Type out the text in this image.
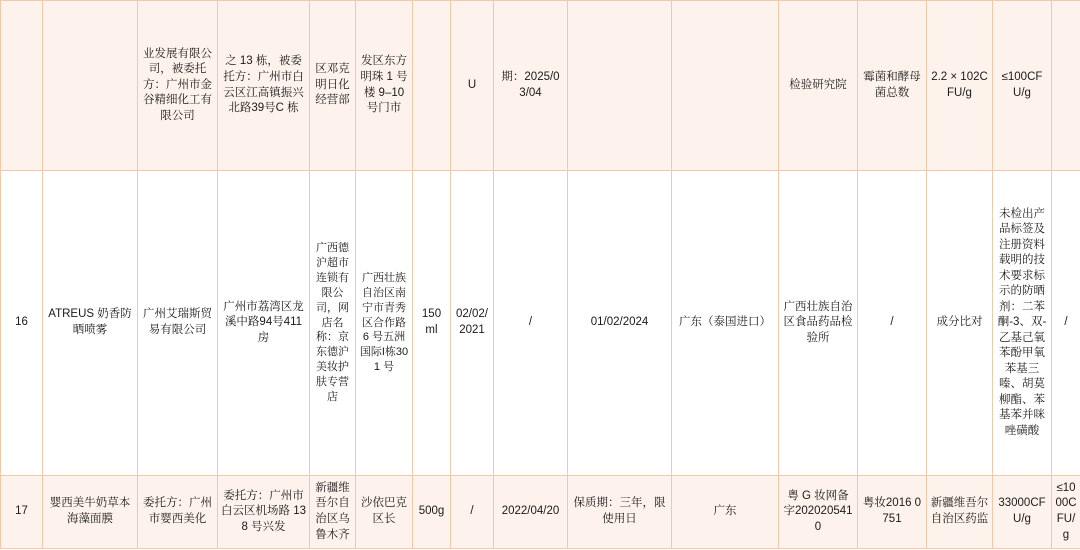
		业发展有限公司，被委托方：广州市金谷精细化工有限公司	之 13 栋，被委托方：广州市白云区江高镇振兴北路39号C 栋	区邓克明日化经营部	发区东方明珠 1 号楼 9–10 号门市		U	期：2025/03/04			检验研究院	霉菌和酵母菌总数	2.2 × 102CFU/g	≤100CFU/g	

16	ATREUS 奶香防晒喷雾	广州艾瑞斯贸易有限公司	广州市荔湾区龙溪中路94号411 房	广西德沪超市连锁有限公司，网店名称：京东德沪美妆护肤专营店	广西壮族自治区南宁市青秀区合作路6 号五洲国际I栋301 号	150 ml	02/02/2021	/	01/02/2024	广东（泰国进口）	广西壮族自治区食品药品检验所	/	成分比对	未检出产品标签及注册资料载明的技术要求标示的防晒剂：二苯酮-3、双-乙基己氧苯酚甲氧苯基三嗪、胡莫柳酯、苯基苯并咪唑磺酸	/

17	婴西美牛奶草本海藻面膜	委托方：广州市婴西美化	委托方：广州市白云区机场路 138 号兴发	新疆维吾尔自治区乌鲁木齐	沙依巴克区长	500g	/	2022/04/20	保质期：三年，限使用日	广东	粤 G 妆网备字2020205410	粤妆2016 0751	新疆维吾尔自治区药监	33000CFU/g	≤1000CFU/g
